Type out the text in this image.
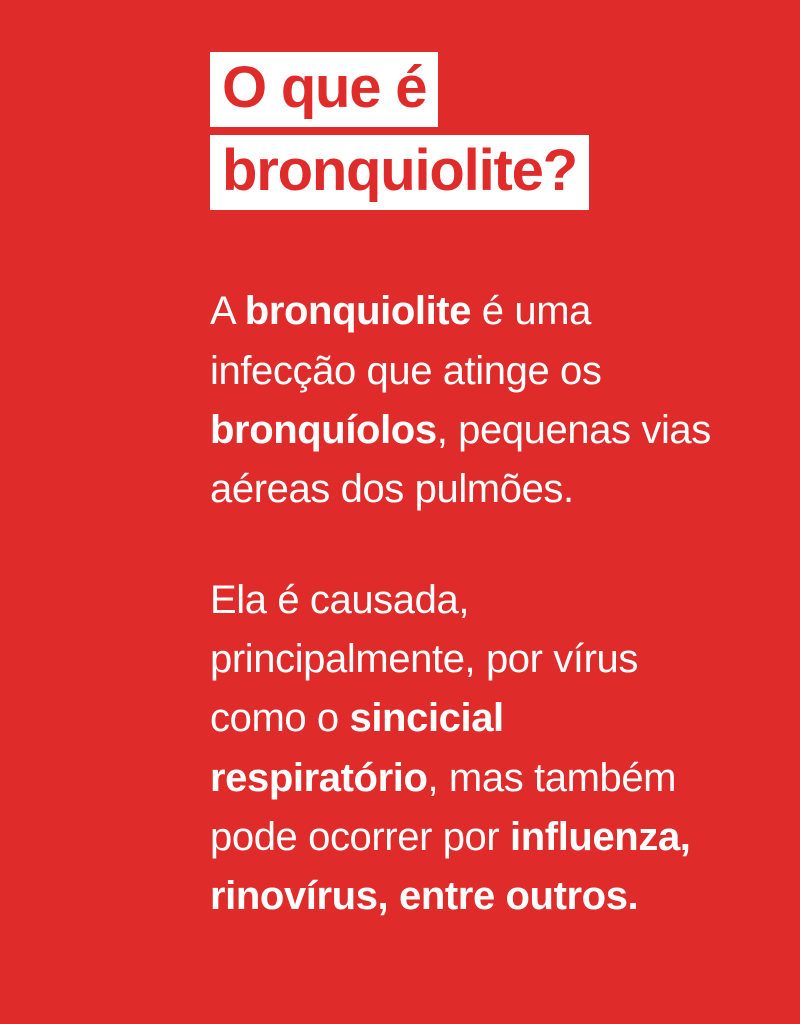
O que é bronquiolite?

A bronquiolite é uma infecção que atinge os bronquíolos, pequenas vias aéreas dos pulmões.

Ela é causada, principalmente, por vírus como o sincicial respiratório, mas também pode ocorrer por influenza, rinovírus, entre outros.
